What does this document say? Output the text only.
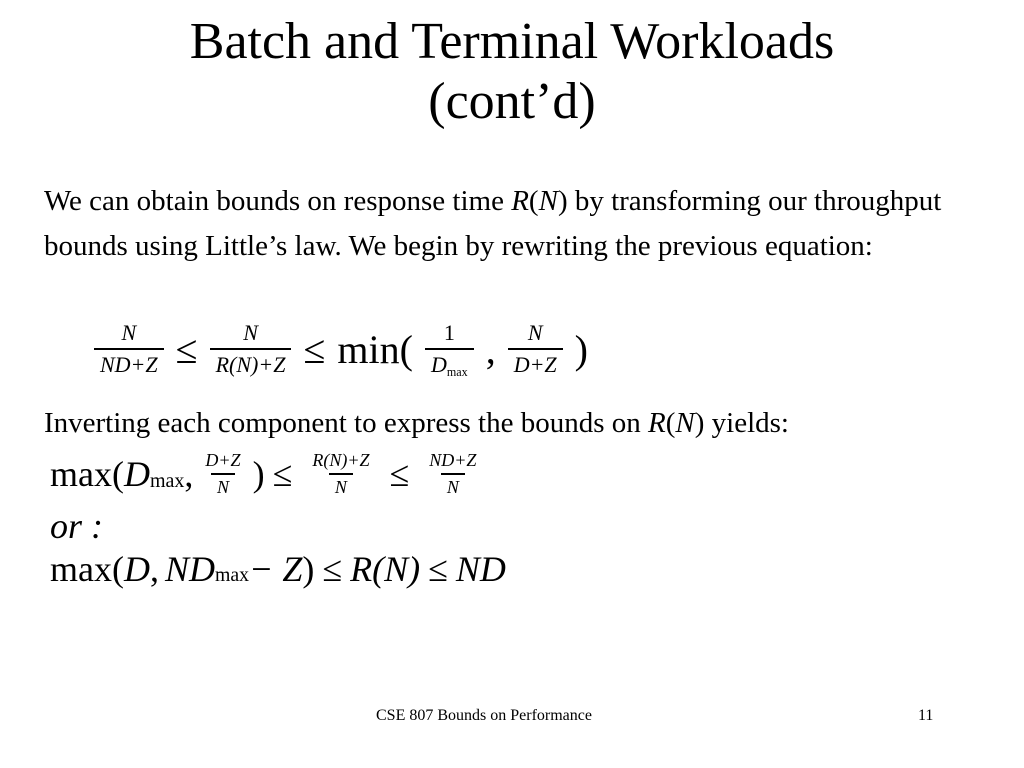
Batch and Terminal Workloads
(cont’d)
We can obtain bounds on response time R(N) by transforming our throughput bounds using Little’s law. We begin by rewriting the previous equation:
$\frac{N}{ND+Z} \le \frac{N}{R(N)+Z} \le \min( \frac{1}{Dmax}$ , $\frac{N}{D+Z}$ )
Inverting each component to express the bounds on R(N) yields:
max( D max , $\frac{D+Z}{N}$ ) ≤ $\frac{R(N)+Z}{N} \le \frac{ND+Z}{N}$
or :
max( D , ND max − Z ) ≤ R(N) ≤ ND
CSE 807 Bounds on Performance	11
